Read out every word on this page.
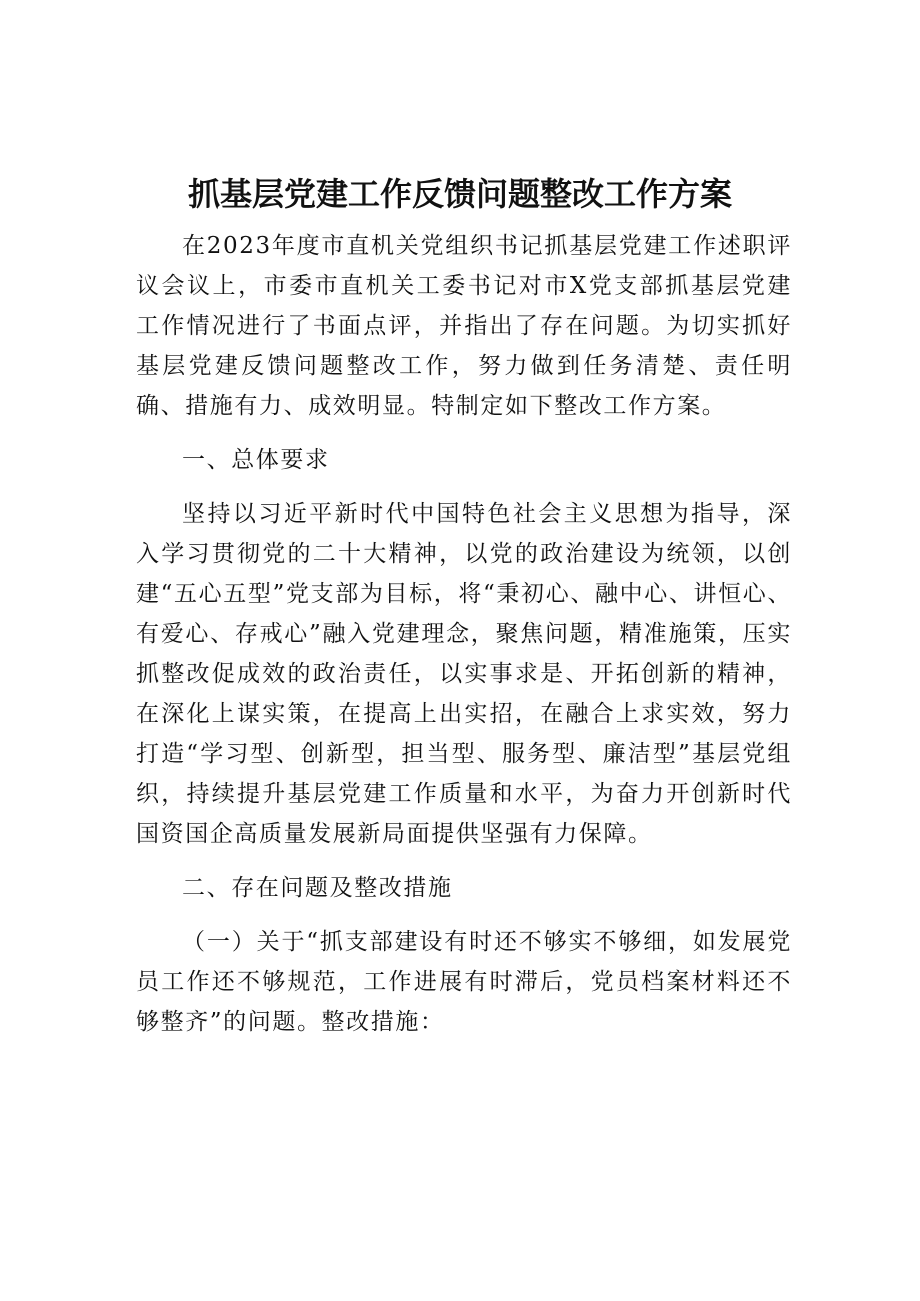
抓基层党建工作反馈问题整改工作方案

在2023年度市直机关党组织书记抓基层党建工作述职评议会议上，市委市直机关工委书记对市X党支部抓基层党建工作情况进行了书面点评，并指出了存在问题。为切实抓好基层党建反馈问题整改工作，努力做到任务清楚、责任明确、措施有力、成效明显。特制定如下整改工作方案。

一、总体要求

坚持以习近平新时代中国特色社会主义思想为指导，深入学习贯彻党的二十大精神，以党的政治建设为统领，以创建“五心五型”党支部为目标，将“秉初心、融中心、讲恒心、有爱心、存戒心”融入党建理念，聚焦问题，精准施策，压实抓整改促成效的政治责任，以实事求是、开拓创新的精神，在深化上谋实策，在提高上出实招，在融合上求实效，努力打造“学习型、创新型，担当型、服务型、廉洁型”基层党组织，持续提升基层党建工作质量和水平，为奋力开创新时代国资国企高质量发展新局面提供坚强有力保障。

二、存在问题及整改措施

（一）关于“抓支部建设有时还不够实不够细，如发展党员工作还不够规范，工作进展有时滞后，党员档案材料还不够整齐”的问题。整改措施：
